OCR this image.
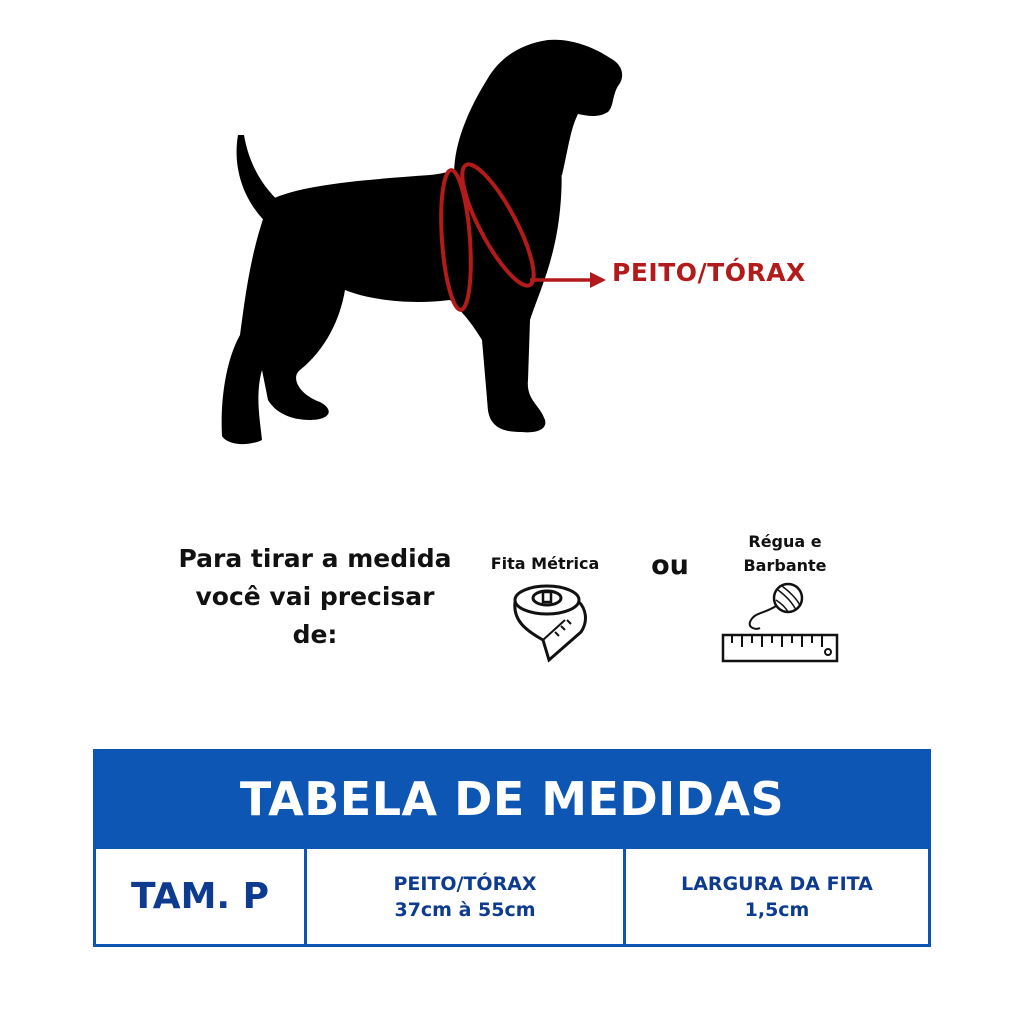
PEITO/TÓRAX
Para tirar a medida você vai precisar de:
Fita Métrica	ou
Régua e Barbante
TABELA DE MEDIDAS
TAM. P	PEITO/TÓRAX
37cm à 55cm
LARGURA DA FITA
1,5cm
